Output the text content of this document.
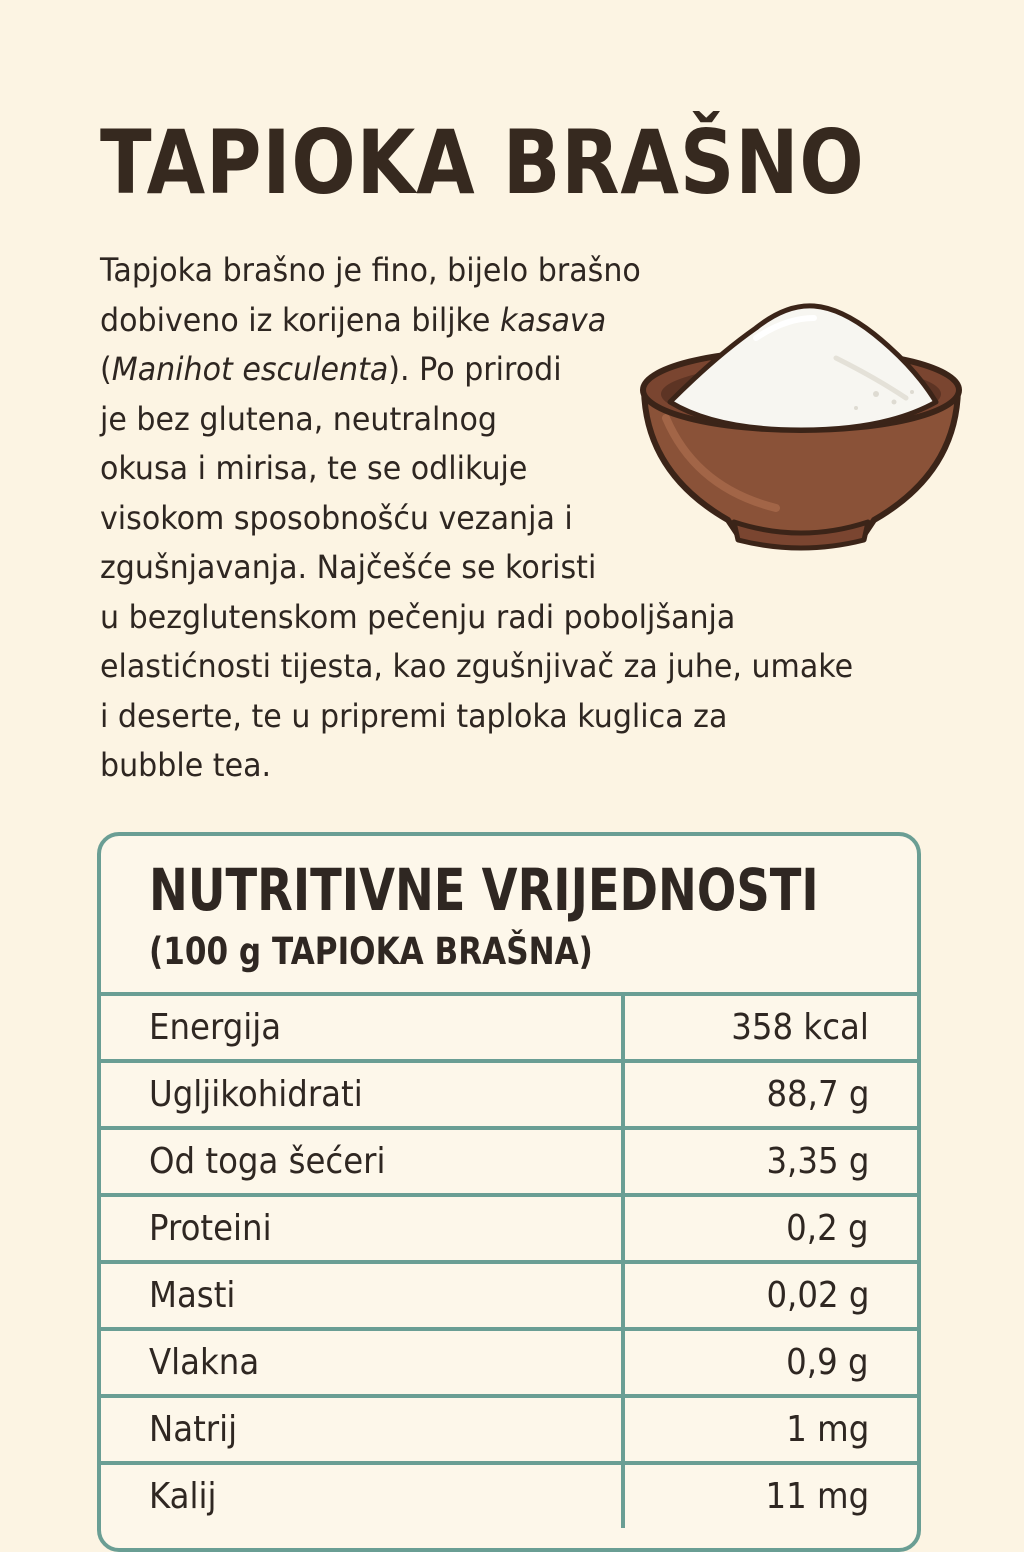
TAPIOKA BRAŠNO

Tapjoka brašno je fino, bijelo brašno
dobiveno iz korijena biljke kasava
(Manihot esculenta). Po prirodi
je bez glutena, neutralnog
okusa i mirisa, te se odlikuje
visokom sposobnošću vezanja i
zgušnjavanja. Najčešće se koristi
u bezglutenskom pečenju radi poboljšanja
elastićnosti tijesta, kao zgušnjivač za juhe, umake
i deserte, te u pripremi taploka kuglica za
bubble tea.

NUTRITIVNE VRIJEDNOSTI
(100 g TAPIOKA BRAŠNA)
Energija	358 kcal
Ugljikohidrati	88,7 g
Od toga šećeri	3,35 g
Proteini	0,2 g
Masti	0,02 g
Vlakna	0,9 g
Natrij	1 mg
Kalij	11 mg
